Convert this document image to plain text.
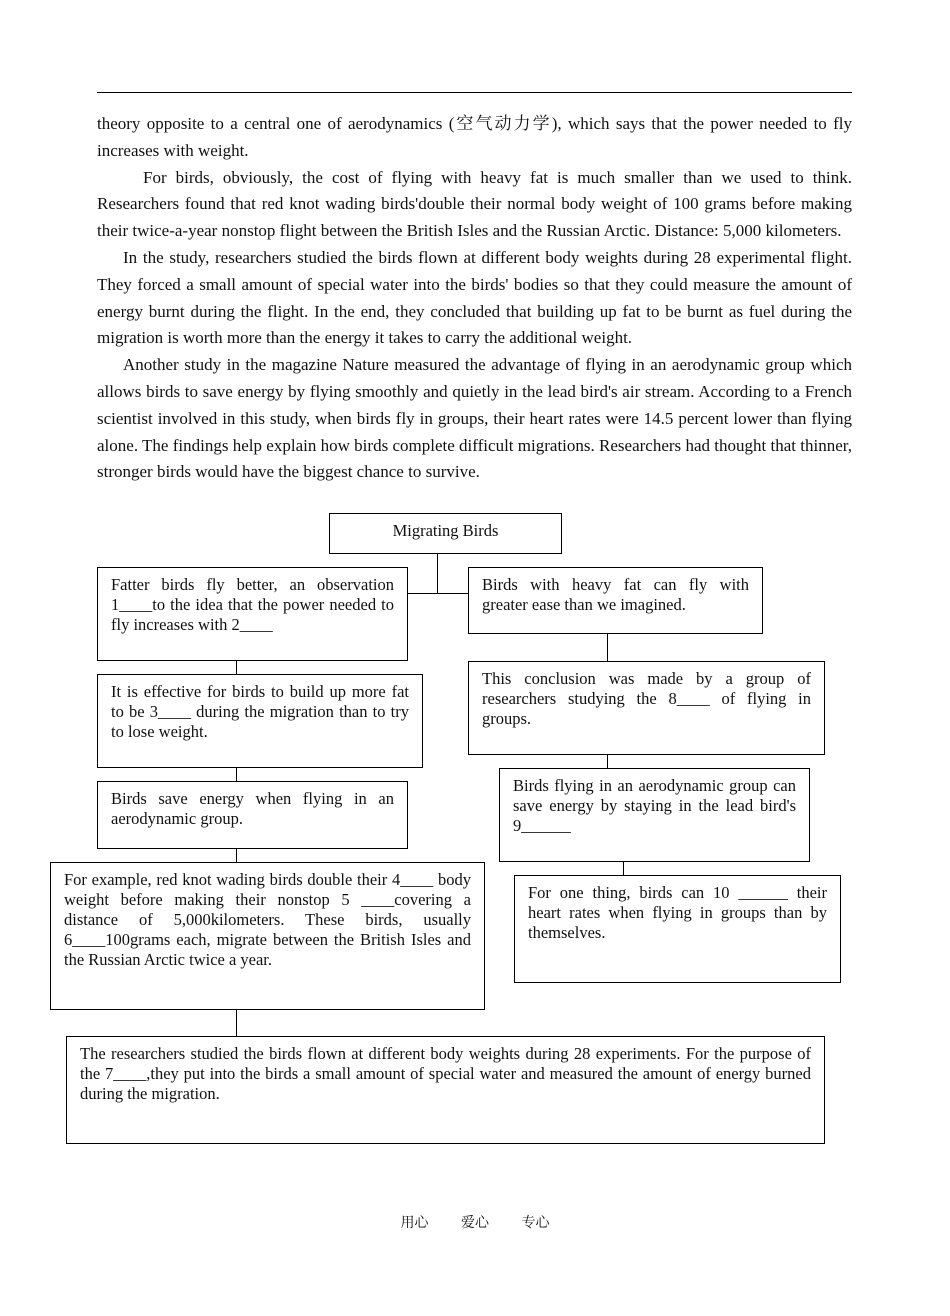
theory opposite to a central one of aerodynamics (空气动力学), which says that the power needed to fly increases with weight.

For birds, obviously, the cost of flying with heavy fat is much smaller than we used to think. Researchers found that red knot wading birds'double their normal body weight of 100 grams before making their twice-a-year nonstop flight between the British Isles and the Russian Arctic. Distance: 5,000 kilometers.

In the study, researchers studied the birds flown at different body weights during 28 experimental flight. They forced a small amount of special water into the birds' bodies so that they could measure the amount of energy burnt during the flight. In the end, they concluded that building up fat to be burnt as fuel during the migration is worth more than the energy it takes to carry the additional weight.

Another study in the magazine Nature measured the advantage of flying in an aerodynamic group which allows birds to save energy by flying smoothly and quietly in the lead bird's air stream. According to a French scientist involved in this study, when birds fly in groups, their heart rates were 14.5 percent lower than flying alone. The findings help explain how birds complete difficult migrations. Researchers had thought that thinner, stronger birds would have the biggest chance to survive.

Migrating Birds
Fatter birds fly better, an observation 1____to the idea that the power needed to fly increases with 2____
It is effective for birds to build up more fat to be 3____ during the migration than to try to lose weight.
Birds save energy when flying in an aerodynamic group.
For example, red knot wading birds double their 4____ body weight before making their nonstop 5 ____covering a distance of 5,000kilometers. These birds, usually 6____100grams each, migrate between the British Isles and the Russian Arctic twice a year.
Birds with heavy fat can fly with greater ease than we imagined.
This conclusion was made by a group of researchers studying the 8____ of flying in groups.
Birds flying in an aerodynamic group can save energy by staying in the lead bird's 9______
For one thing, birds can 10 ______ their heart rates when flying in groups than by themselves.
The researchers studied the birds flown at different body weights during 28 experiments. For the purpose of the 7____,they put into the birds a small amount of special water and measured the amount of energy burned during the migration.
用心 爱心 专心
